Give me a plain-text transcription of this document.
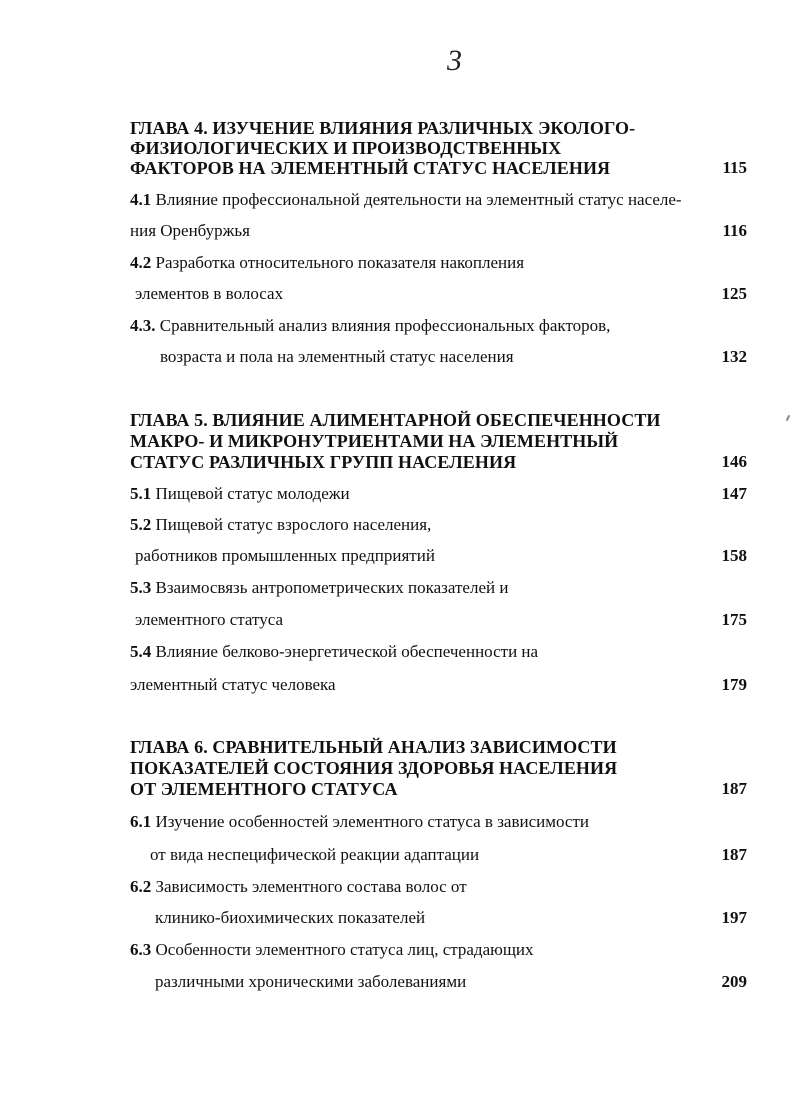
3
ГЛАВА 4. ИЗУЧЕНИЕ ВЛИЯНИЯ РАЗЛИЧНЫХ ЭКОЛОГО-
ФИЗИОЛОГИЧЕСКИХ И ПРОИЗВОДСТВЕННЫХ
ФАКТОРОВ НА ЭЛЕМЕНТНЫЙ СТАТУС НАСЕЛЕНИЯ	115
4.1 Влияние профессиональной деятельности на элементный статус населе-
ния Оренбуржья	116
4.2 Разработка относительного показателя накопления
элементов в волосах	125
4.3. Сравнительный анализ влияния профессиональных факторов,
возраста и пола на элементный статус населения	132
ГЛАВА 5. ВЛИЯНИЕ АЛИМЕНТАРНОЙ ОБЕСПЕЧЕННОСТИ
МАКРО- И МИКРОНУТРИЕНТАМИ НА ЭЛЕМЕНТНЫЙ
СТАТУС РАЗЛИЧНЫХ ГРУПП НАСЕЛЕНИЯ	146
5.1 Пищевой статус молодежи	147
5.2 Пищевой статус взрослого населения,
работников промышленных предприятий	158
5.3 Взаимосвязь антропометрических показателей и
элементного статуса	175
5.4 Влияние белково-энергетической обеспеченности на
элементный статус человека	179
ГЛАВА 6. СРАВНИТЕЛЬНЫЙ АНАЛИЗ ЗАВИСИМОСТИ
ПОКАЗАТЕЛЕЙ СОСТОЯНИЯ ЗДОРОВЬЯ НАСЕЛЕНИЯ
ОТ ЭЛЕМЕНТНОГО СТАТУСА	187
6.1 Изучение особенностей элементного статуса в зависимости
от вида неспецифической реакции адаптации	187
6.2 Зависимость элементного состава волос от
клинико-биохимических показателей	197
6.3 Особенности элементного статуса лиц, страдающих
различными хроническими заболеваниями	209
